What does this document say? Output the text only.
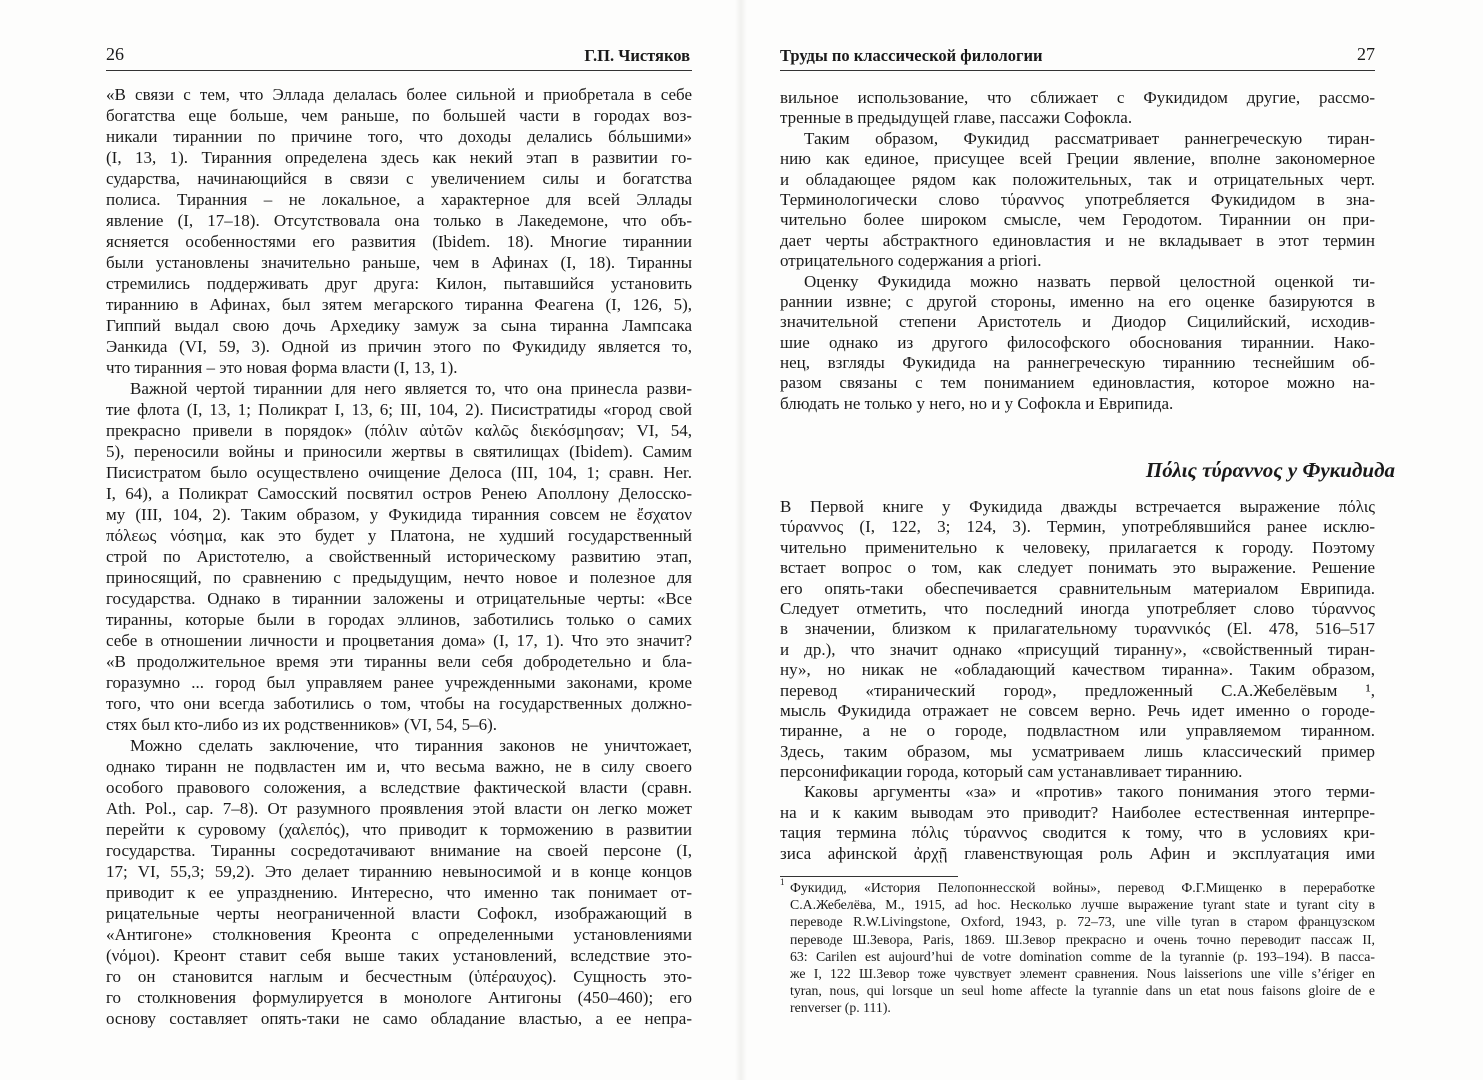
26	Г.П. Чистяков	Труды по классической филологии	27
«В связи с тем, что Эллада делалась более сильной и приобретала в себе
богатства еще больше, чем раньше, по большей части в городах воз-
никали тираннии по причине того, что доходы делались бóльшими»
(I, 13, 1). Тиранния определена здесь как некий этап в развитии го-
сударства, начинающийся в связи с увеличением силы и богатства
полиса. Тиранния – не локальное, а характерное для всей Эллады
явление (I, 17–18). Отсутствовала она только в Лакедемоне, что объ-
ясняется особенностями его развития (Ibidem. 18). Многие тираннии
были установлены значительно раньше, чем в Афинах (I, 18). Тиранны
стремились поддерживать друг друга: Килон, пытавшийся установить
тираннию в Афинах, был зятем мегарского тиранна Феагена (I, 126, 5),
Гиппий выдал свою дочь Архедику замуж за сына тиранна Лампсака
Эанкида (VI, 59, 3). Одной из причин этого по Фукидиду является то,
что тиранния – это новая форма власти (I, 13, 1).
Важной чертой тираннии для него является то, что она принесла разви-
тие флота (I, 13, 1; Поликрат I, 13, 6; III, 104, 2). Писистратиды «город свой
прекрасно привели в порядок» (πόλιν αὐτῶν καλῶς διεκόσμησαν; VI, 54,
5), переносили войны и приносили жертвы в святилищах (Ibidem). Самим
Писистратом было осуществлено очищение Делоса (III, 104, 1; сравн. Her.
I, 64), а Поликрат Самосский посвятил остров Ренею Аполлону Делосско-
му (III, 104, 2). Таким образом, у Фукидида тиранния совсем не ἔσχατον
πόλεως νόσημα, как это будет у Платона, не худший государственный
строй по Аристотелю, а свойственный историческому развитию этап,
приносящий, по сравнению с предыдущим, нечто новое и полезное для
государства. Однако в тираннии заложены и отрицательные черты: «Все
тиранны, которые были в городах эллинов, заботились только о самих
себе в отношении личности и процветания дома» (I, 17, 1). Что это значит?
«В продолжительное время эти тиранны вели себя добродетельно и бла-
горазумно ... город был управляем ранее учрежденными законами, кроме
того, что они всегда заботились о том, чтобы на государственных должно-
стях был кто-либо из их родственников» (VI, 54, 5–6).
Можно сделать заключение, что тиранния законов не уничтожает,
однако тиранн не подвластен им и, что весьма важно, не в силу своего
особого правового соложения, а вследствие фактической власти (сравн.
Ath. Pol., cap. 7–8). От разумного проявления этой власти он легко может
перейти к суровому (χαλεπός), что приводит к торможению в развитии
государства. Тиранны сосредотачивают внимание на своей персоне (I,
17; VI, 55,3; 59,2). Это делает тираннию невыносимой и в конце концов
приводит к ее упразднению. Интересно, что именно так понимает от-
рицательные черты неограниченной власти Софокл, изображающий в
«Антигоне» столкновения Креонта с определенными установлениями
(νόμοι). Креонт ставит себя выше таких установлений, вследствие это-
го он становится наглым и бесчестным (ὑπέραυχος). Сущность это-
го столкновения формулируется в монологе Антигоны (450–460); его
основу составляет опять-таки не само обладание властью, а ее непра-
вильное использование, что сближает с Фукидидом другие, рассмо-
тренные в предыдущей главе, пассажи Софокла.
Таким образом, Фукидид рассматривает раннегреческую тиран-
нию как единое, присущее всей Греции явление, вполне закономерное
и обладающее рядом как положительных, так и отрицательных черт.
Терминологически слово τύραννος употребляется Фукидидом в зна-
чительно более широком смысле, чем Геродотом. Тираннии он при-
дает черты абстрактного единовластия и не вкладывает в этот термин
отрицательного содержания a priori.
Оценку Фукидида можно назвать первой целостной оценкой ти-
раннии извне; с другой стороны, именно на его оценке базируются в
значительной степени Аристотель и Диодор Сицилийский, исходив-
шие однако из другого философского обоснования тираннии. Нако-
нец, взгляды Фукидида на раннегреческую тираннию теснейшим об-
разом связаны с тем пониманием единовластия, которое можно на-
блюдать не только у него, но и у Софокла и Еврипида.
Πόλις τύραννος у Фукидида
В Первой книге у Фукидида дважды встречается выражение πόλις
τύραννος (I, 122, 3; 124, 3). Термин, употреблявшийся ранее исклю-
чительно применительно к человеку, прилагается к городу. Поэтому
встает вопрос о том, как следует понимать это выражение. Решение
его опять-таки обеспечивается сравнительным материалом Еврипида.
Следует отметить, что последний иногда употребляет слово τύραννος
в значении, близком к прилагательному τυραννικός (El. 478, 516–517
и др.), что значит однако «присущий тиранну», «свойственный тиран-
ну», но никак не «обладающий качеством тиранна». Таким образом,
перевод «тиранический город», предложенный С.А.Жебелёвым ¹,
мысль Фукидида отражает не совсем верно. Речь идет именно о городе-
тиранне, а не о городе, подвластном или управляемом тиранном.
Здесь, таким образом, мы усматриваем лишь классический пример
персонификации города, который сам устанавливает тираннию.
Каковы аргументы «за» и «против» такого понимания этого терми-
на и к каким выводам это приводит? Наиболее естественная интерпре-
тация термина πόλις τύραννος сводится к тому, что в условиях кри-
зиса афинской ἀρχῇ главенствующая роль Афин и эксплуатация ими
1 Фукидид, «История Пелопоннесской войны», перевод Ф.Г.Мищенко в переработке
С.А.Жебелёва, М., 1915, ad hoc. Несколько лучше выражение tyrant state и tyrant city в
переводе R.W.Livingstone, Oxford, 1943, p. 72–73, une ville tyran в старом французском
переводе Ш.Зевора, Paris, 1869. Ш.Зевор прекрасно и очень точно переводит пассаж II,
63: Carilen est aujourd’hui de votre domination comme de la tyrannie (p. 193–194). В пасса-
же I, 122 Ш.Зевор тоже чувствует элемент сравнения. Nous laisserions une ville s’ériger en
tyran, nous, qui lorsque un seul home affecte la tyrannie dans un etat nous faisons gloire de e
renverser (p. 111).
